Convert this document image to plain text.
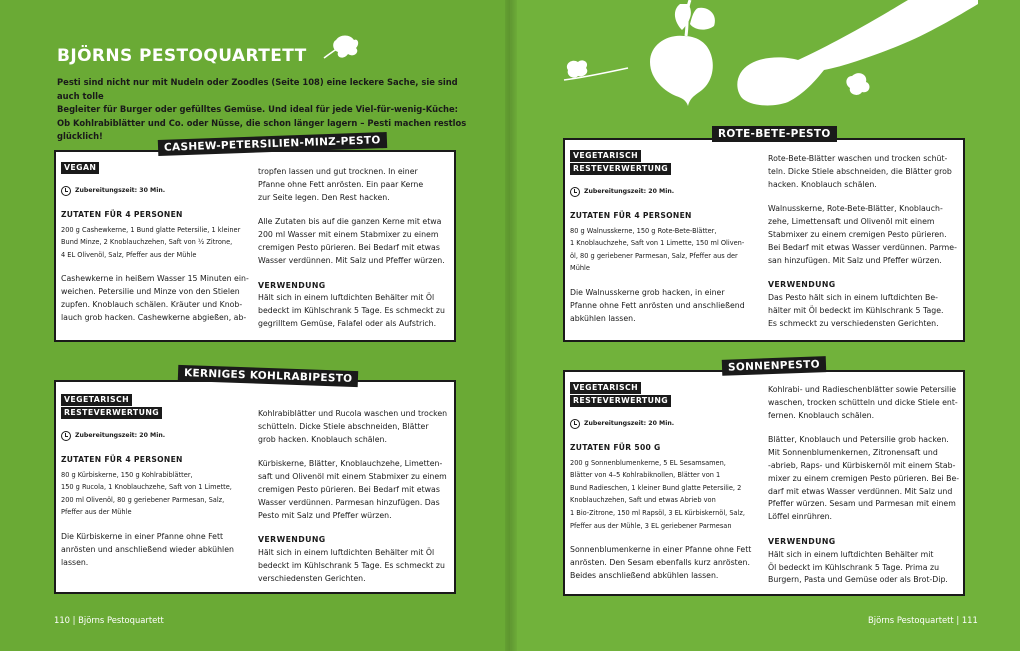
BJÖRNS PESTOQUARTETT
Pesti sind nicht nur mit Nudeln oder Zoodles (Seite 108) eine leckere Sache, sie sind auch tolle
Begleiter für Burger oder gefülltes Gemüse. Und ideal für jede Viel-für-wenig-Küche:
Ob Kohlrabiblätter und Co. oder Nüsse, die schon länger lagern – Pesti machen restlos glücklich!	CASHEW-PETERSILIEN-MINZ-PESTO
VEGAN
Zubereitungszeit: 30 Min.
ZUTATEN FÜR 4 PERSONEN
200 g Cashewkerne, 1 Bund glatte Petersilie, 1 kleiner
Bund Minze, 2 Knoblauchzehen, Saft von ½ Zitrone,
4 EL Olivenöl, Salz, Pfeffer aus der Mühle
Cashewkerne in heißem Wasser 15 Minuten ein-
weichen. Petersilie und Minze von den Stielen
zupfen. Knoblauch schälen. Kräuter und Knob-
lauch grob hacken. Cashewkerne abgießen, ab-
tropfen lassen und gut trocknen. In einer
Pfanne ohne Fett anrösten. Ein paar Kerne
zur Seite legen. Den Rest hacken.
Alle Zutaten bis auf die ganzen Kerne mit etwa
200 ml Wasser mit einem Stabmixer zu einem
cremigen Pesto pürieren. Bei Bedarf mit etwas
Wasser verdünnen. Mit Salz und Pfeffer würzen.
VERWENDUNG
Hält sich in einem luftdichten Behälter mit Öl
bedeckt im Kühlschrank 5 Tage. Es schmeckt zu
gegrilltem Gemüse, Falafel oder als Aufstrich.
KERNIGES KOHLRABIPESTO
VEGETARISCH
RESTEVERWERTUNG
Zubereitungszeit: 20 Min.
ZUTATEN FÜR 4 PERSONEN
80 g Kürbiskerne, 150 g Kohlrabiblätter,
150 g Rucola, 1 Knoblauchzehe, Saft von 1 Limette,
200 ml Olivenöl, 80 g geriebener Parmesan, Salz,
Pfeffer aus der Mühle
Die Kürbiskerne in einer Pfanne ohne Fett
anrösten und anschließend wieder abkühlen
lassen.
Kohlrabiblätter und Rucola waschen und trocken
schütteln. Dicke Stiele abschneiden, Blätter
grob hacken. Knoblauch schälen.
Kürbiskerne, Blätter, Knoblauchzehe, Limetten-
saft und Olivenöl mit einem Stabmixer zu einem
cremigen Pesto pürieren. Bei Bedarf mit etwas
Wasser verdünnen. Parmesan hinzufügen. Das
Pesto mit Salz und Pfeffer würzen.
VERWENDUNG
Hält sich in einem luftdichten Behälter mit Öl
bedeckt im Kühlschrank 5 Tage. Es schmeckt zu
verschiedensten Gerichten.
ROTE-BETE-PESTO
VEGETARISCH
RESTEVERWERTUNG
Zubereitungszeit: 20 Min.
ZUTATEN FÜR 4 PERSONEN
80 g Walnusskerne, 150 g Rote-Bete-Blätter,
1 Knoblauchzehe, Saft von 1 Limette, 150 ml Oliven-
öl, 80 g geriebener Parmesan, Salz, Pfeffer aus der
Mühle
Die Walnusskerne grob hacken, in einer
Pfanne ohne Fett anrösten und anschließend
abkühlen lassen.
Rote-Bete-Blätter waschen und trocken schüt-
teln. Dicke Stiele abschneiden, die Blätter grob
hacken. Knoblauch schälen.
Walnusskerne, Rote-Bete-Blätter, Knoblauch-
zehe, Limettensaft und Olivenöl mit einem
Stabmixer zu einem cremigen Pesto pürieren.
Bei Bedarf mit etwas Wasser verdünnen. Parme-
san hinzufügen. Mit Salz und Pfeffer würzen.
VERWENDUNG
Das Pesto hält sich in einem luftdichten Be-
hälter mit Öl bedeckt im Kühlschrank 5 Tage.
Es schmeckt zu verschiedensten Gerichten.
SONNENPESTO
VEGETARISCH
RESTEVERWERTUNG
Zubereitungszeit: 20 Min.
ZUTATEN FÜR 500 G
200 g Sonnenblumenkerne, 5 EL Sesamsamen,
Blätter von 4–5 Kohlrabiknollen, Blätter von 1
Bund Radieschen, 1 kleiner Bund glatte Petersilie, 2
Knoblauchzehen, Saft und etwas Abrieb von
1 Bio-Zitrone, 150 ml Rapsöl, 3 EL Kürbiskernöl, Salz,
Pfeffer aus der Mühle, 3 EL geriebener Parmesan
Sonnenblumenkerne in einer Pfanne ohne Fett
anrösten. Den Sesam ebenfalls kurz anrösten.
Beides anschließend abkühlen lassen.
Kohlrabi- und Radieschenblätter sowie Petersilie
waschen, trocken schütteln und dicke Stiele ent-
fernen. Knoblauch schälen.
Blätter, Knoblauch und Petersilie grob hacken.
Mit Sonnenblumenkernen, Zitronensaft und
-abrieb, Raps- und Kürbiskernöl mit einem Stab-
mixer zu einem cremigen Pesto pürieren. Bei Be-
darf mit etwas Wasser verdünnen. Mit Salz und
Pfeffer würzen. Sesam und Parmesan mit einem
Löffel einrühren.
VERWENDUNG
Hält sich in einem luftdichten Behälter mit
Öl bedeckt im Kühlschrank 5 Tage. Prima zu
Burgern, Pasta und Gemüse oder als Brot-Dip.
110 | Björns Pestoquartett	Björns Pestoquartett | 111
